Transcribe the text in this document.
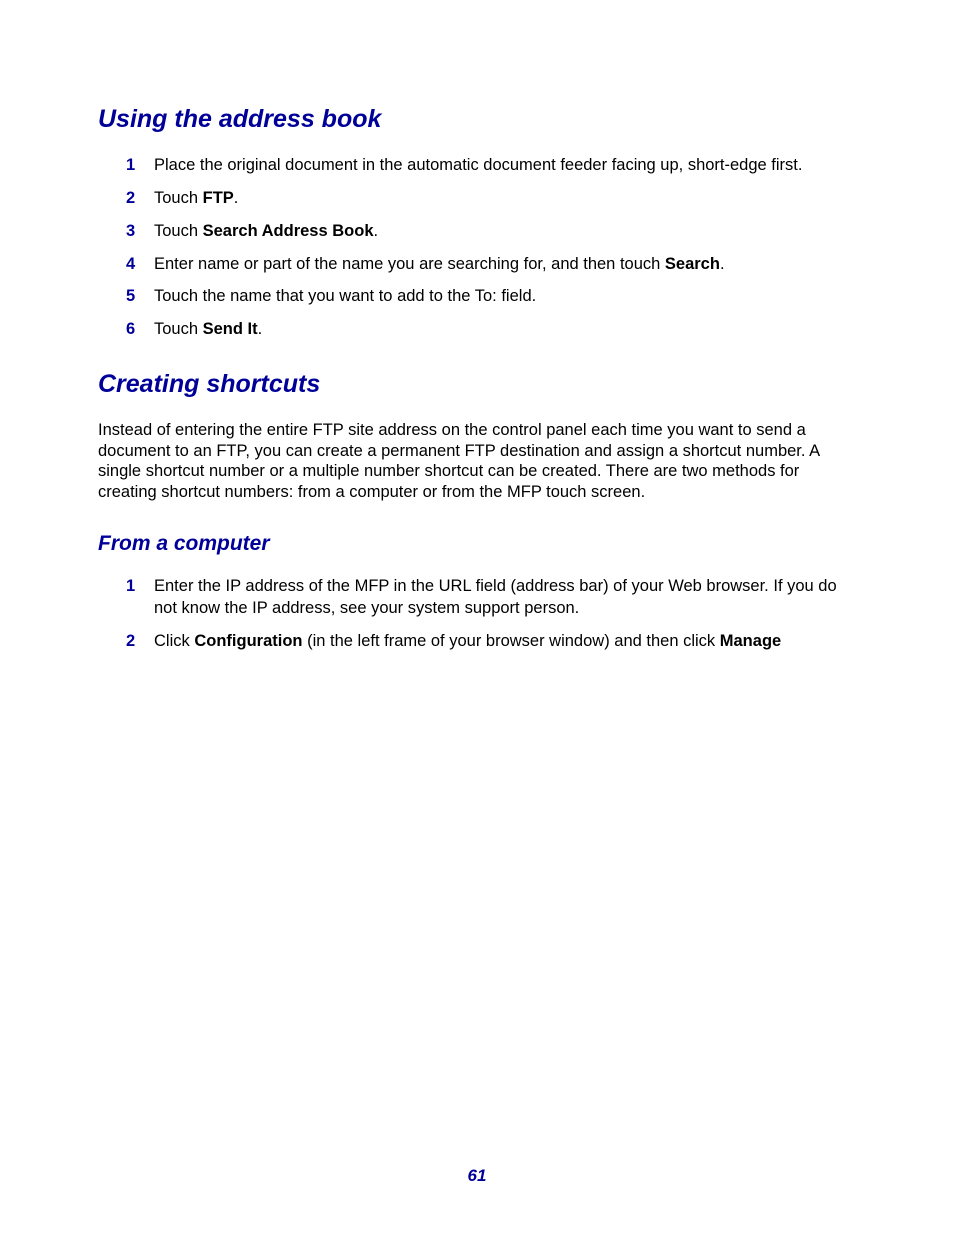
Using the address book
1 Place the original document in the automatic document feeder facing up, short-edge first.
2 Touch FTP.
3 Touch Search Address Book.
4 Enter name or part of the name you are searching for, and then touch Search.
5 Touch the name that you want to add to the To: field.
6 Touch Send It.
Creating shortcuts

Instead of entering the entire FTP site address on the control panel each time you want to send a document to an FTP, you can create a permanent FTP destination and assign a shortcut number. A single shortcut number or a multiple number shortcut can be created. There are two methods for creating shortcut numbers: from a computer or from the MFP touch screen.

From a computer
1 Enter the IP address of the MFP in the URL field (address bar) of your Web browser. If you do not know the IP address, see your system support person.
2 Click Configuration (in the left frame of your browser window) and then click Manage
61
